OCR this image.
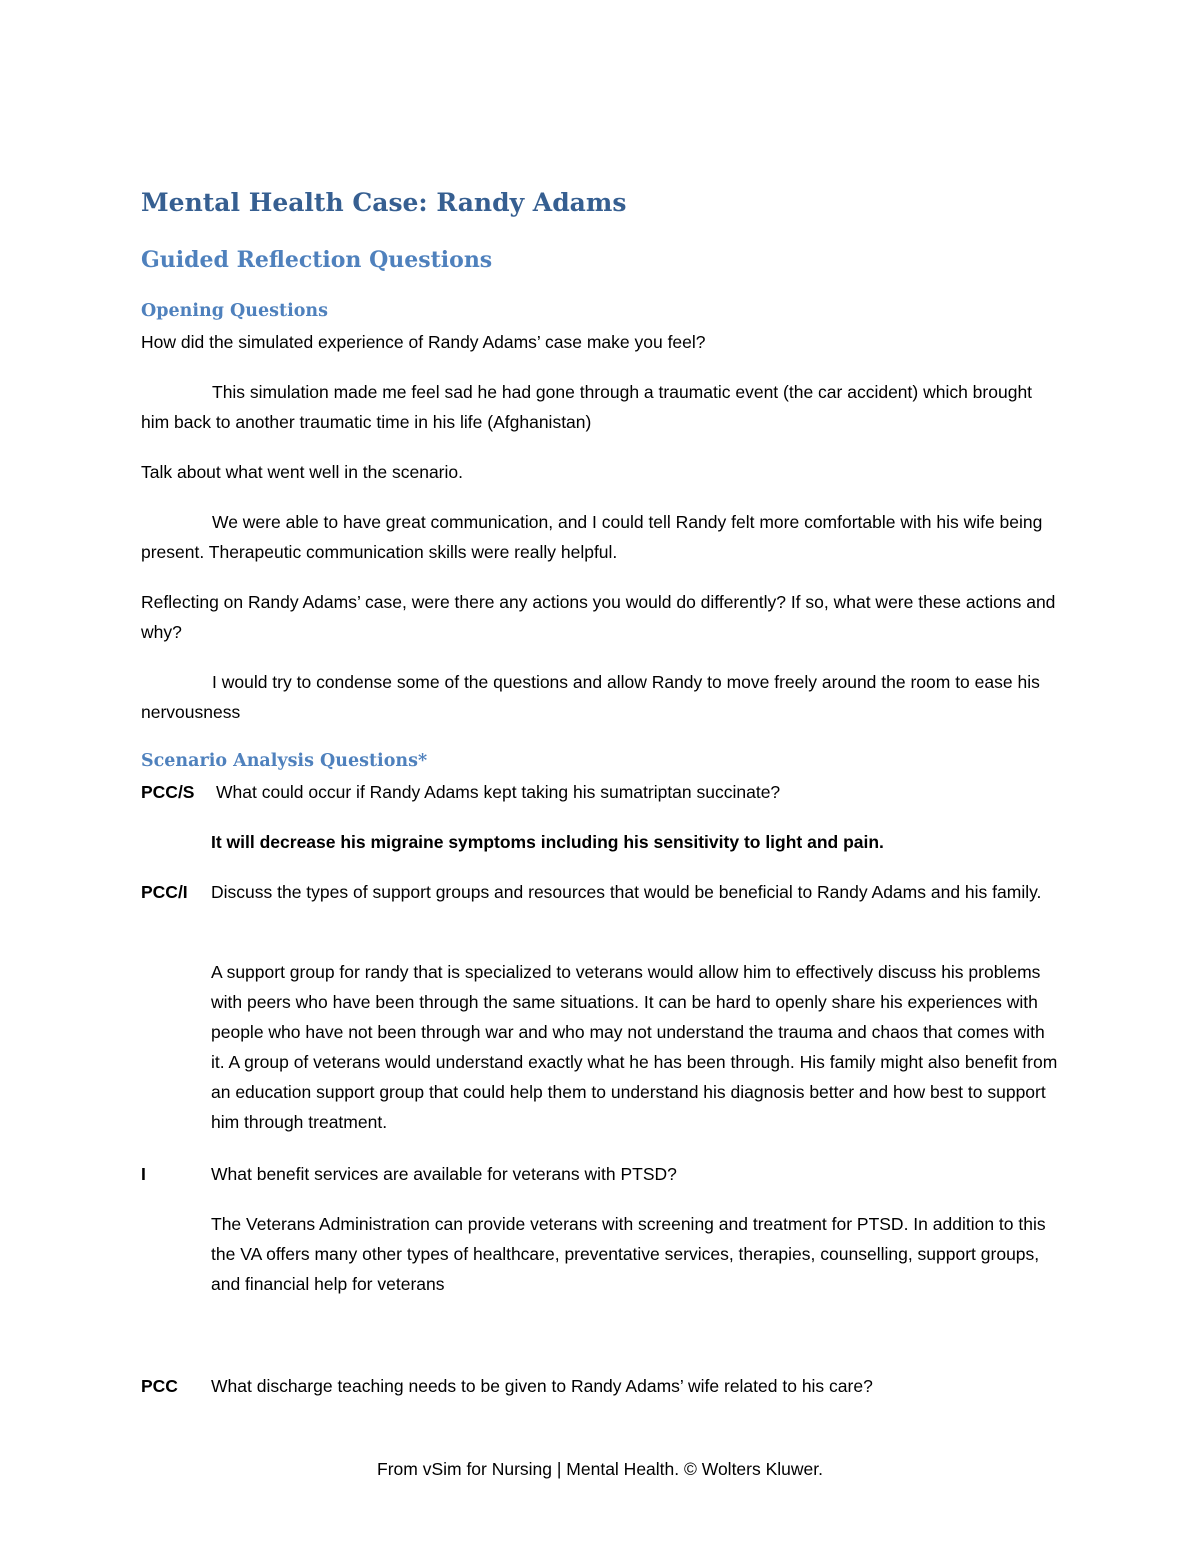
Mental Health Case: Randy Adams
Guided Reflection Questions
Opening Questions

How did the simulated experience of Randy Adams’ case make you feel?

This simulation made me feel sad he had gone through a traumatic event (the car accident) which brought him back to another traumatic time in his life (Afghanistan)

Talk about what went well in the scenario.

We were able to have great communication, and I could tell Randy felt more comfortable with his wife being present. Therapeutic communication skills were really helpful.

Reflecting on Randy Adams’ case, were there any actions you would do differently? If so, what were these actions and why?

I would try to condense some of the questions and allow Randy to move freely around the room to ease his nervousness

Scenario Analysis Questions*
PCC/S What could occur if Randy Adams kept taking his sumatriptan succinate?

It will decrease his migraine symptoms including his sensitivity to light and pain.

PCC/I Discuss the types of support groups and resources that would be beneficial to Randy Adams and his family.

A support group for randy that is specialized to veterans would allow him to effectively discuss his problems with peers who have been through the same situations. It can be hard to openly share his experiences with people who have not been through war and who may not understand the trauma and chaos that comes with it. A group of veterans would understand exactly what he has been through. His family might also benefit from an education support group that could help them to understand his diagnosis better and how best to support him through treatment.

I	What benefit services are available for veterans with PTSD?

The Veterans Administration can provide veterans with screening and treatment for PTSD. In addition to this the VA offers many other types of healthcare, preventative services, therapies, counselling, support groups, and financial help for veterans

PCC What discharge teaching needs to be given to Randy Adams’ wife related to his care?

From vSim for Nursing | Mental Health. © Wolters Kluwer.
